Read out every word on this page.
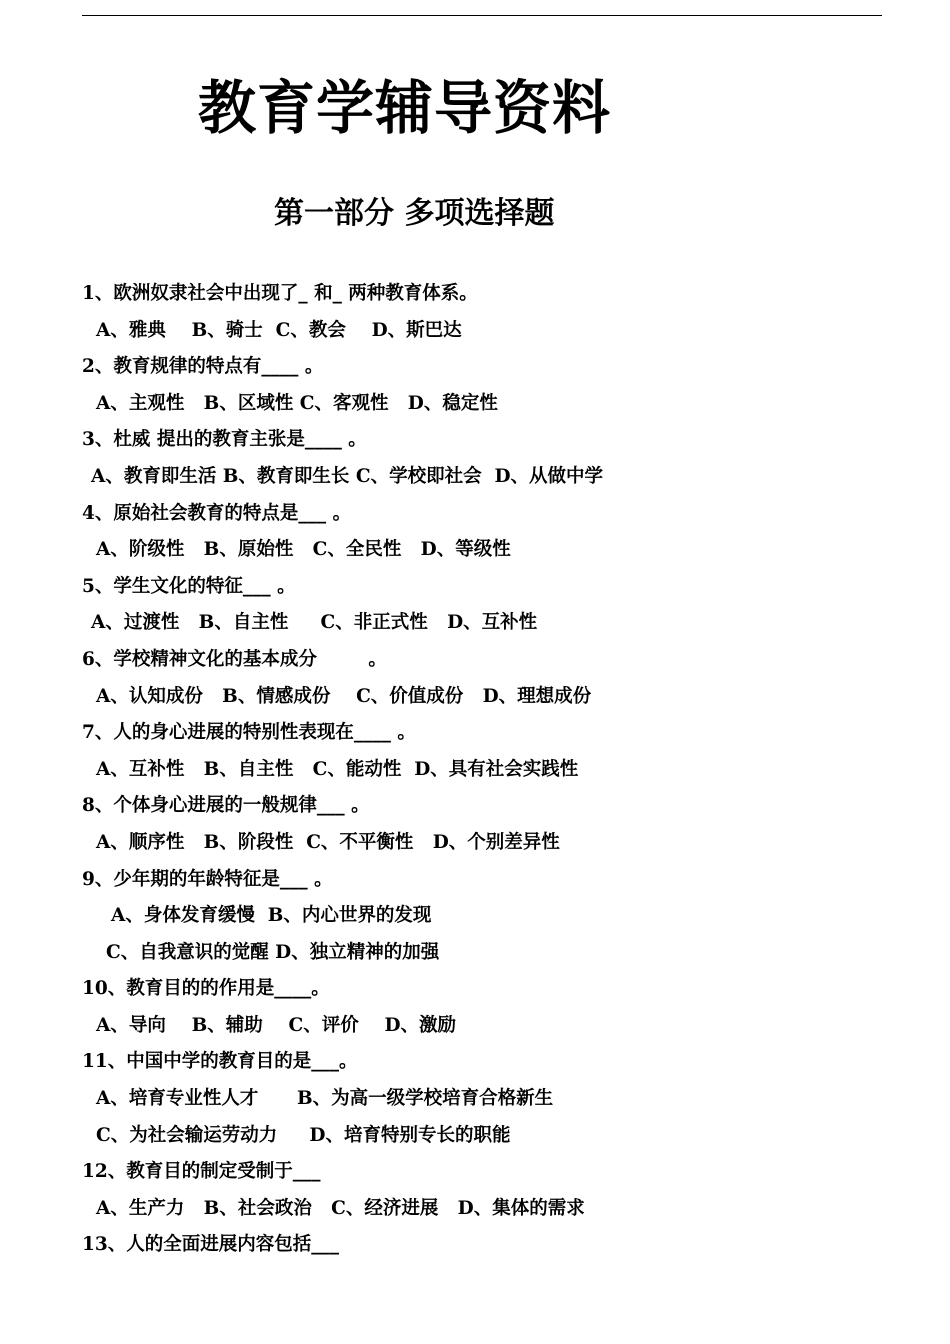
教育学辅导资料
第一部分 多项选择题
1、欧洲奴隶社会中出现了_ 和_ 两种教育体系。
A、雅典    B、骑士  C、教会    D、斯巴达
2、教育规律的特点有____ 。
A、主观性   B、区域性 C、客观性   D、稳定性
3、杜威 提出的教育主张是____ 。
A、教育即生活 B、教育即生长 C、学校即社会  D、从做中学
4、原始社会教育的特点是___ 。
A、阶级性   B、原始性   C、全民性   D、等级性
5、学生文化的特征___ 。
A、过渡性   B、自主性     C、非正式性   D、互补性
6、学校精神文化的基本成分        。
A、认知成份   B、情感成份    C、价值成份   D、理想成份
7、人的身心进展的特别性表现在____ 。
A、互补性   B、自主性   C、能动性  D、具有社会实践性
8、个体身心进展的一般规律___ 。
A、顺序性   B、阶段性  C、不平衡性   D、个别差异性
9、少年期的年龄特征是___ 。
A、身体发育缓慢  B、内心世界的发现
C、自我意识的觉醒 D、独立精神的加强
10、教育目的的作用是____。
A、导向    B、辅助    C、评价    D、激励
11、中国中学的教育目的是___。
A、培育专业性人才      B、为高一级学校培育合格新生
C、为社会输运劳动力     D、培育特别专长的职能
12、教育目的制定受制于___
A、生产力   B、社会政治   C、经济进展   D、集体的需求
13、人的全面进展内容包括___
